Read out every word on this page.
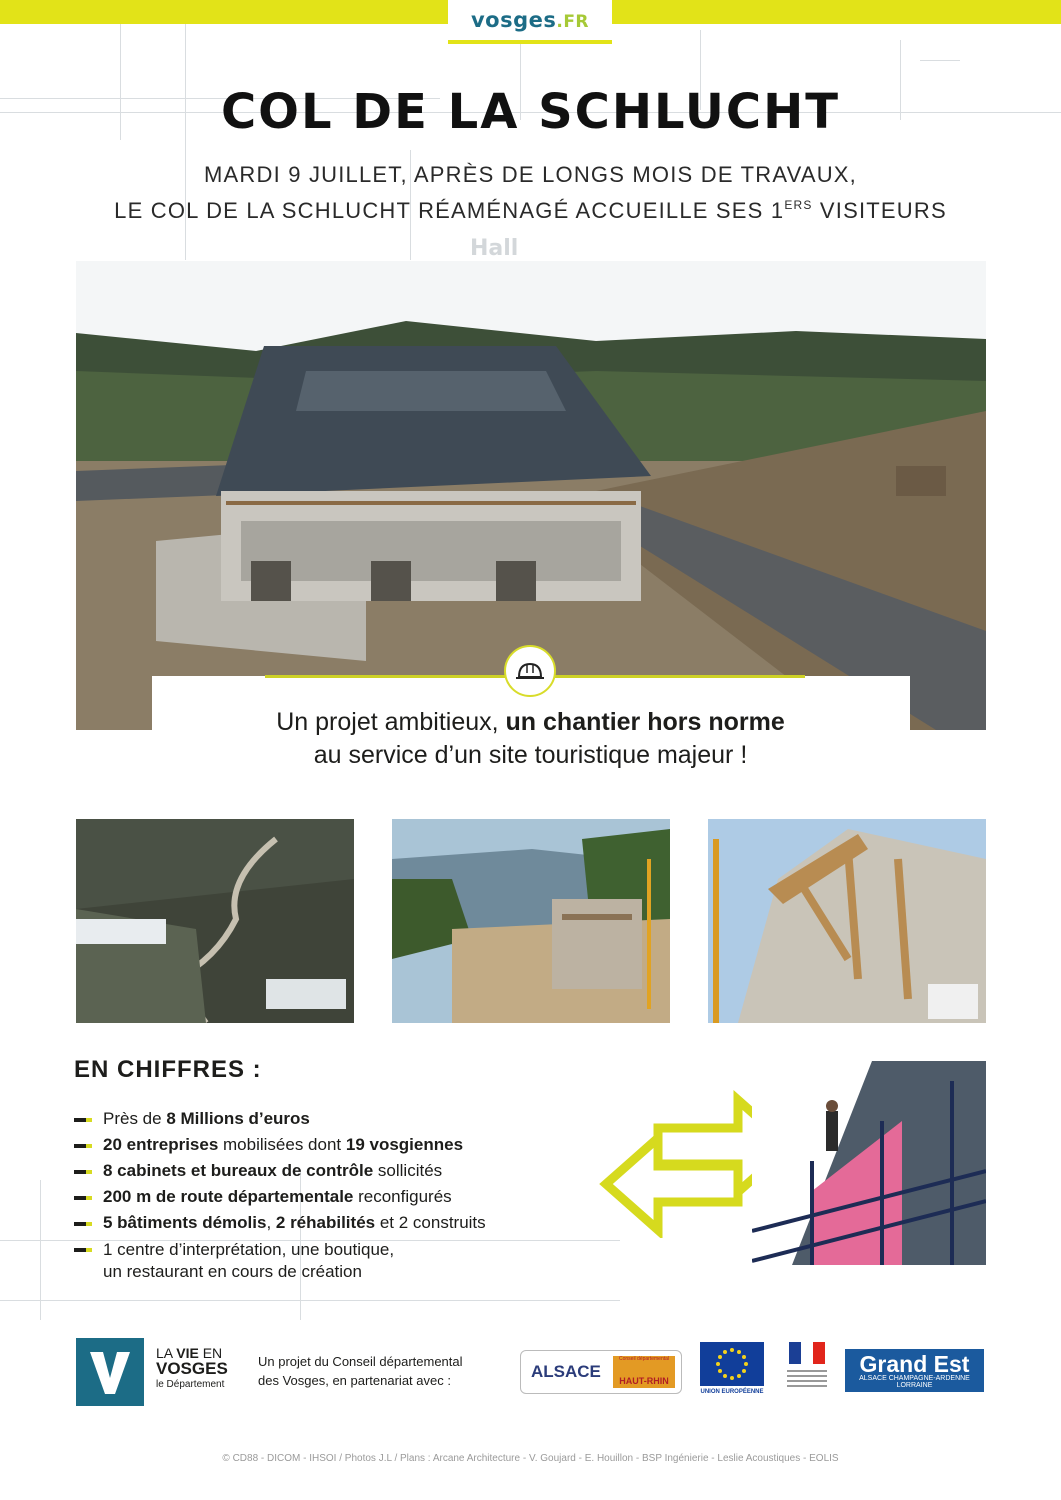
Hall
vosges.FR
COL DE LA SCHLUCHT
MARDI 9 JUILLET, APRÈS DE LONGS MOIS DE TRAVAUX,
LE COL DE LA SCHLUCHT RÉAMÉNAGÉ ACCUEILLE SES 1ERS VISITEURS
Un projet ambitieux, un chantier hors norme
au service d’un site touristique majeur !
EN CHIFFRES :
Près de 8 Millions d’euros
20 entreprises mobilisées dont 19 vosgiennes
8 cabinets et bureaux de contrôle sollicités
200 m de route départementale reconfigurés
5 bâtiments démolis, 2 réhabilités et 2 construits
1 centre d’interprétation, une boutique,
un restaurant en cours de création
LA VIE EN
VOSGES
le Département
Un projet du Conseil départemental
des Vosges, en partenariat avec :	ALSACE
Conseil départemental
HAUT-RHIN
UNION EUROPÉENNE
Grand Est
ALSACE CHAMPAGNE-ARDENNE LORRAINE
© CD88 - DICOM - IHSOI / Photos J.L / Plans : Arcane Architecture - V. Goujard - E. Houillon - BSP Ingénierie - Leslie Acoustiques - EOLIS
